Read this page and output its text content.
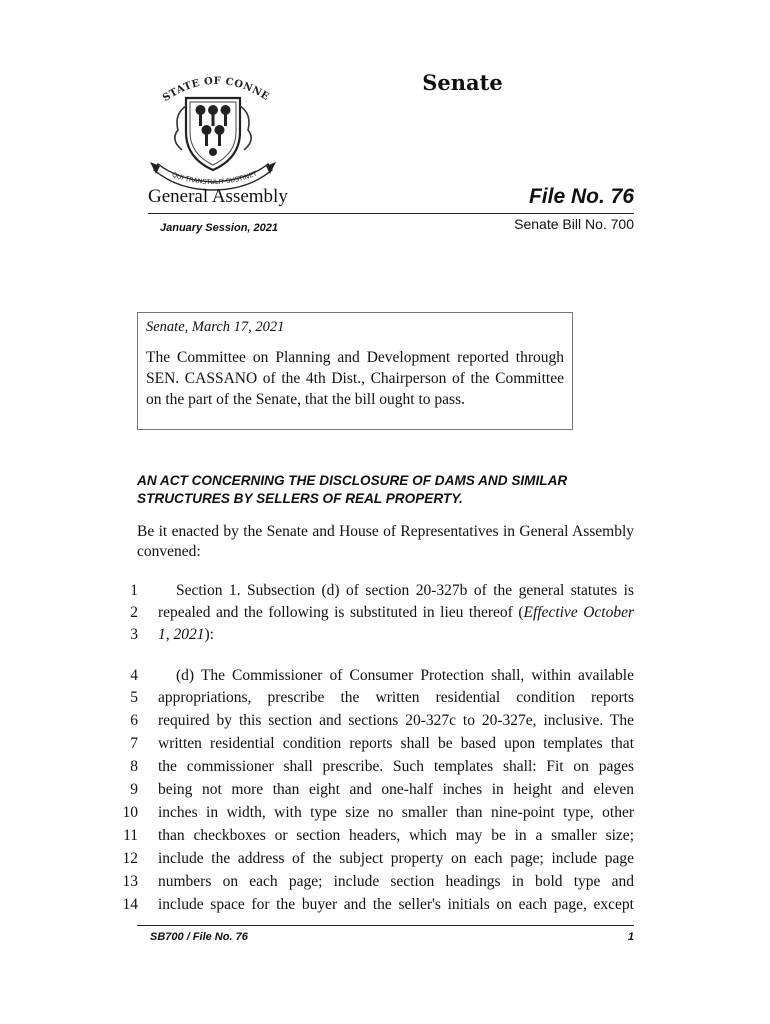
STATE OF CONNE
QUI TRANSTULIT SUSTINET
Senate
General Assembly	File No. 76
January Session, 2021	Senate Bill No. 700
Senate, March 17, 2021
The Committee on Planning and Development reported through SEN. CASSANO of the 4th Dist., Chairperson of the Committee on the part of the Senate, that the bill ought to pass.
AN ACT CONCERNING THE DISCLOSURE OF DAMS AND SIMILAR STRUCTURES BY SELLERS OF REAL PROPERTY.
Be it enacted by the Senate and House of Representatives in General Assembly convened:
1 Section 1. Subsection (d) of section 20-327b of the general statutes is
2 repealed and the following is substituted in lieu thereof (Effective October
3 1, 2021):
4 (d) The Commissioner of Consumer Protection shall, within available
5 appropriations, prescribe the written residential condition reports
6 required by this section and sections 20-327c to 20-327e, inclusive. The
7 written residential condition reports shall be based upon templates that
8 the commissioner shall prescribe. Such templates shall: Fit on pages
9 being not more than eight and one-half inches in height and eleven
10 inches in width, with type size no smaller than nine-point type, other
11 than checkboxes or section headers, which may be in a smaller size;
12 include the address of the subject property on each page; include page
13 numbers on each page; include section headings in bold type and
14 include space for the buyer and the seller's initials on each page, except
SB700 / File No. 76	1
